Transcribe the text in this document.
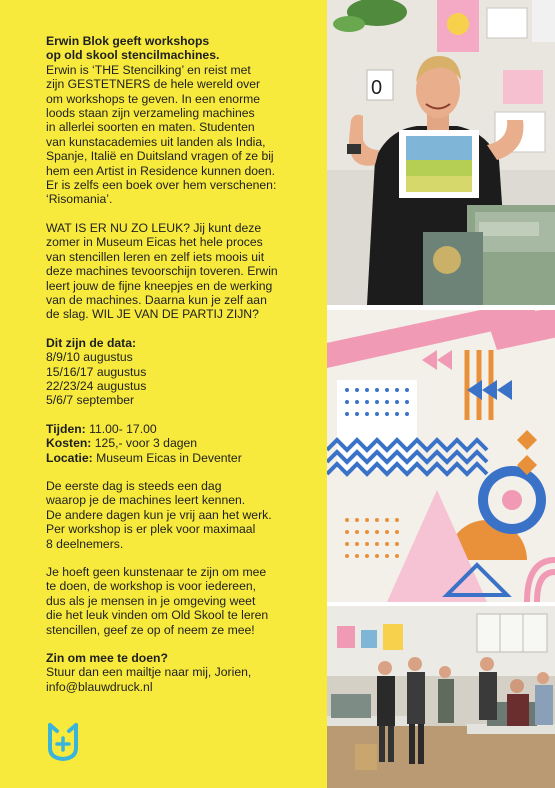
Erwin Blok geeft workshops
op old skool stencilmachines.
Erwin is ‘THE Stencilking’ en reist met
zijn GESTETNERS de hele wereld over
om workshops te geven. In een enorme
loods staan zijn verzameling machines
in allerlei soorten en maten. Studenten
van kunstacademies uit landen als India,
Spanje, Italië en Duitsland vragen of ze bij
hem een Artist in Residence kunnen doen.
Er is zelfs een boek over hem verschenen:
‘Risomania’.
WAT IS ER NU ZO LEUK? Jij kunt deze
zomer in Museum Eicas het hele proces
van stencillen leren en zelf iets moois uit
deze machines tevoorschijn toveren. Erwin
leert jouw de fijne kneepjes en de werking
van de machines. Daarna kun je zelf aan
de slag. WIL JE VAN DE PARTIJ ZIJN?
Dit zijn de data:
8/9/10 augustus
15/16/17 augustus
22/23/24 augustus
5/6/7 september
Tijden: 11.00- 17.00
Kosten: 125,- voor 3 dagen
Locatie: Museum Eicas in Deventer
De eerste dag is steeds een dag
waarop je de machines leert kennen.
De andere dagen kun je vrij aan het werk.
Per workshop is er plek voor maximaal
8 deelnemers.
Je hoeft geen kunstenaar te zijn om mee
te doen, de workshop is voor iedereen,
dus als je mensen in je omgeving weet
die het leuk vinden om Old Skool te leren
stencillen, geef ze op of neem ze mee!
Zin om mee te doen?
Stuur dan een mailtje naar mij, Jorien,
info@blauwdruck.nl
0
